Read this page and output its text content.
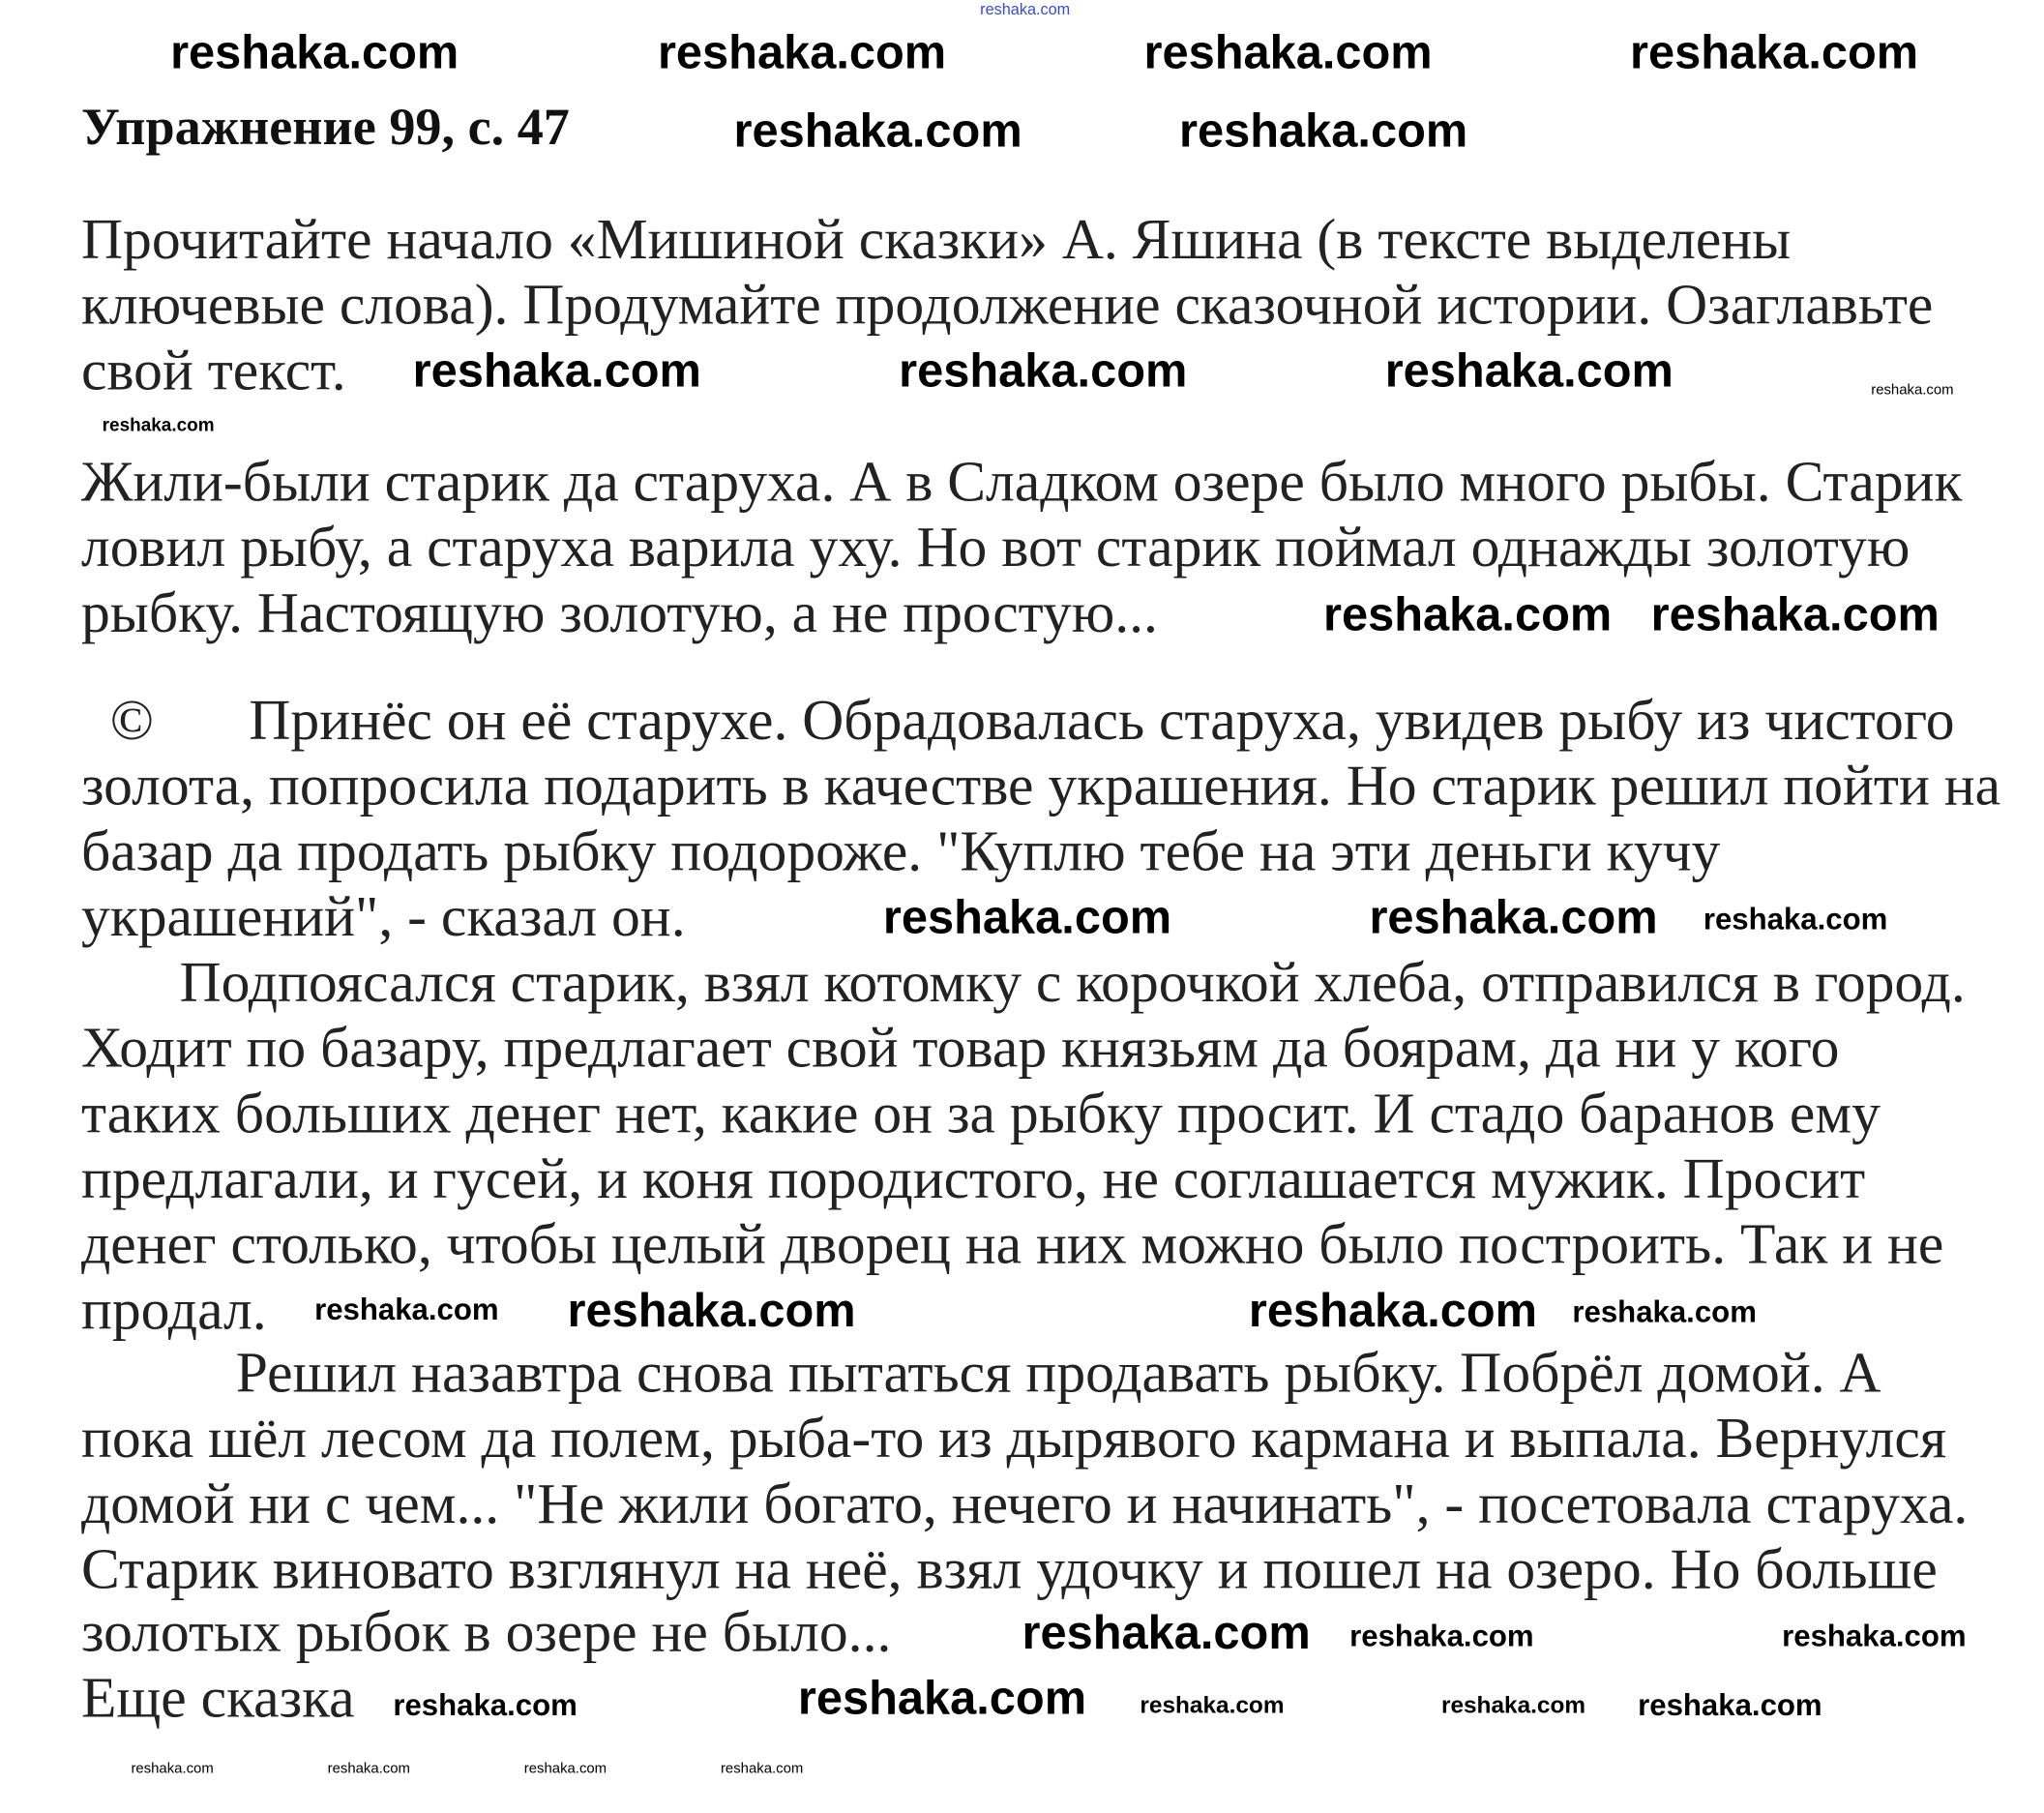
reshaka.com
Упражнение 99, с. 47
Прочитайте начало «Мишиной сказки» А. Яшина (в тексте выделены
ключевые слова). Продумайте продолжение сказочной истории. Озаглавьте
свой текст.
Жили-были старик да старуха. А в Сладком озере было много рыбы. Старик
ловил рыбу, а старуха варила уху. Но вот старик поймал однажды золотую
рыбку. Настоящую золотую, а не простую...
© Принёс он её старухе. Обрадовалась старуха, увидев рыбу из чистого
золота, попросила подарить в качестве украшения. Но старик решил пойти на
базар да продать рыбку подороже. "Куплю тебе на эти деньги кучу
украшений", - сказал он.
Подпоясался старик, взял котомку с корочкой хлеба, отправился в город.
Ходит по базару, предлагает свой товар князьям да боярам, да ни у кого
таких больших денег нет, какие он за рыбку просит. И стадо баранов ему
предлагали, и гусей, и коня породистого, не соглашается мужик. Просит
денег столько, чтобы целый дворец на них можно было построить. Так и не
продал.
Решил назавтра снова пытаться продавать рыбку. Побрёл домой. А
пока шёл лесом да полем, рыба-то из дырявого кармана и выпала. Вернулся
домой ни с чем... "Не жили богато, нечего и начинать", - посетовала старуха.
Старик виновато взглянул на неё, взял удочку и пошел на озеро. Но больше
золотых рыбок в озере не было...
Еще сказка
reshaka.com	reshaka.com	reshaka.com	reshaka.com
reshaka.com	reshaka.com	reshaka.com
reshaka.com	reshaka.com
reshaka.com reshaka.com
reshaka.com	reshaka.com
reshaka.com	reshaka.com
reshaka.com
reshaka.com
reshaka.com	reshaka.com
reshaka.com
reshaka.com
reshaka.com
reshaka.com
reshaka.com	reshaka.com	reshaka.com
reshaka.com
reshaka.com
reshaka.com	reshaka.com	reshaka.com	reshaka.com
